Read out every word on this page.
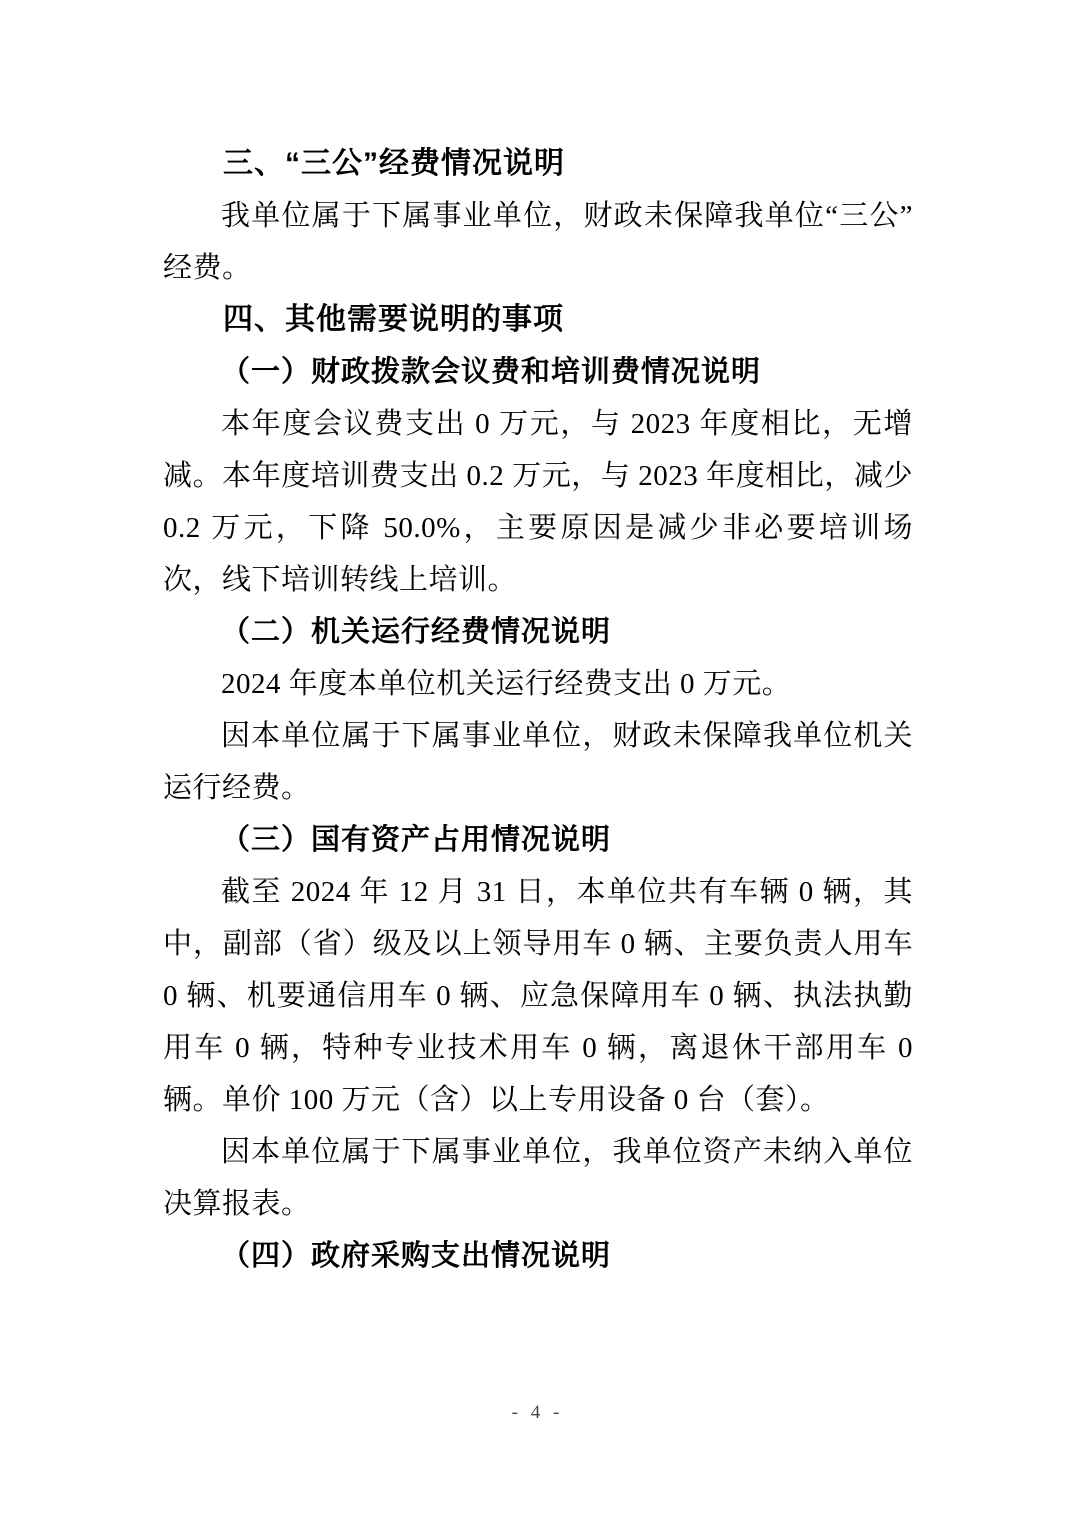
三、“三公”经费情况说明

我单位属于下属事业单位，财政未保障我单位“三公”经费。

四、其他需要说明的事项

（一）财政拨款会议费和培训费情况说明

本年度会议费支出 0 万元，与 2023 年度相比，无增减。本年度培训费支出 0.2 万元，与 2023 年度相比，减少 0.2 万元，下降 50.0%，主要原因是减少非必要培训场次，线下培训转线上培训。

（二）机关运行经费情况说明

2024 年度本单位机关运行经费支出 0 万元。

因本单位属于下属事业单位，财政未保障我单位机关运行经费。

（三）国有资产占用情况说明

截至 2024 年 12 月 31 日，本单位共有车辆 0 辆，其中，副部（省）级及以上领导用车 0 辆、主要负责人用车 0 辆、机要通信用车 0 辆、应急保障用车 0 辆、执法执勤用车 0 辆，特种专业技术用车 0 辆，离退休干部用车 0 辆。单价 100 万元（含）以上专用设备 0 台（套）。

因本单位属于下属事业单位，我单位资产未纳入单位决算报表。

（四）政府采购支出情况说明

- 4 -
